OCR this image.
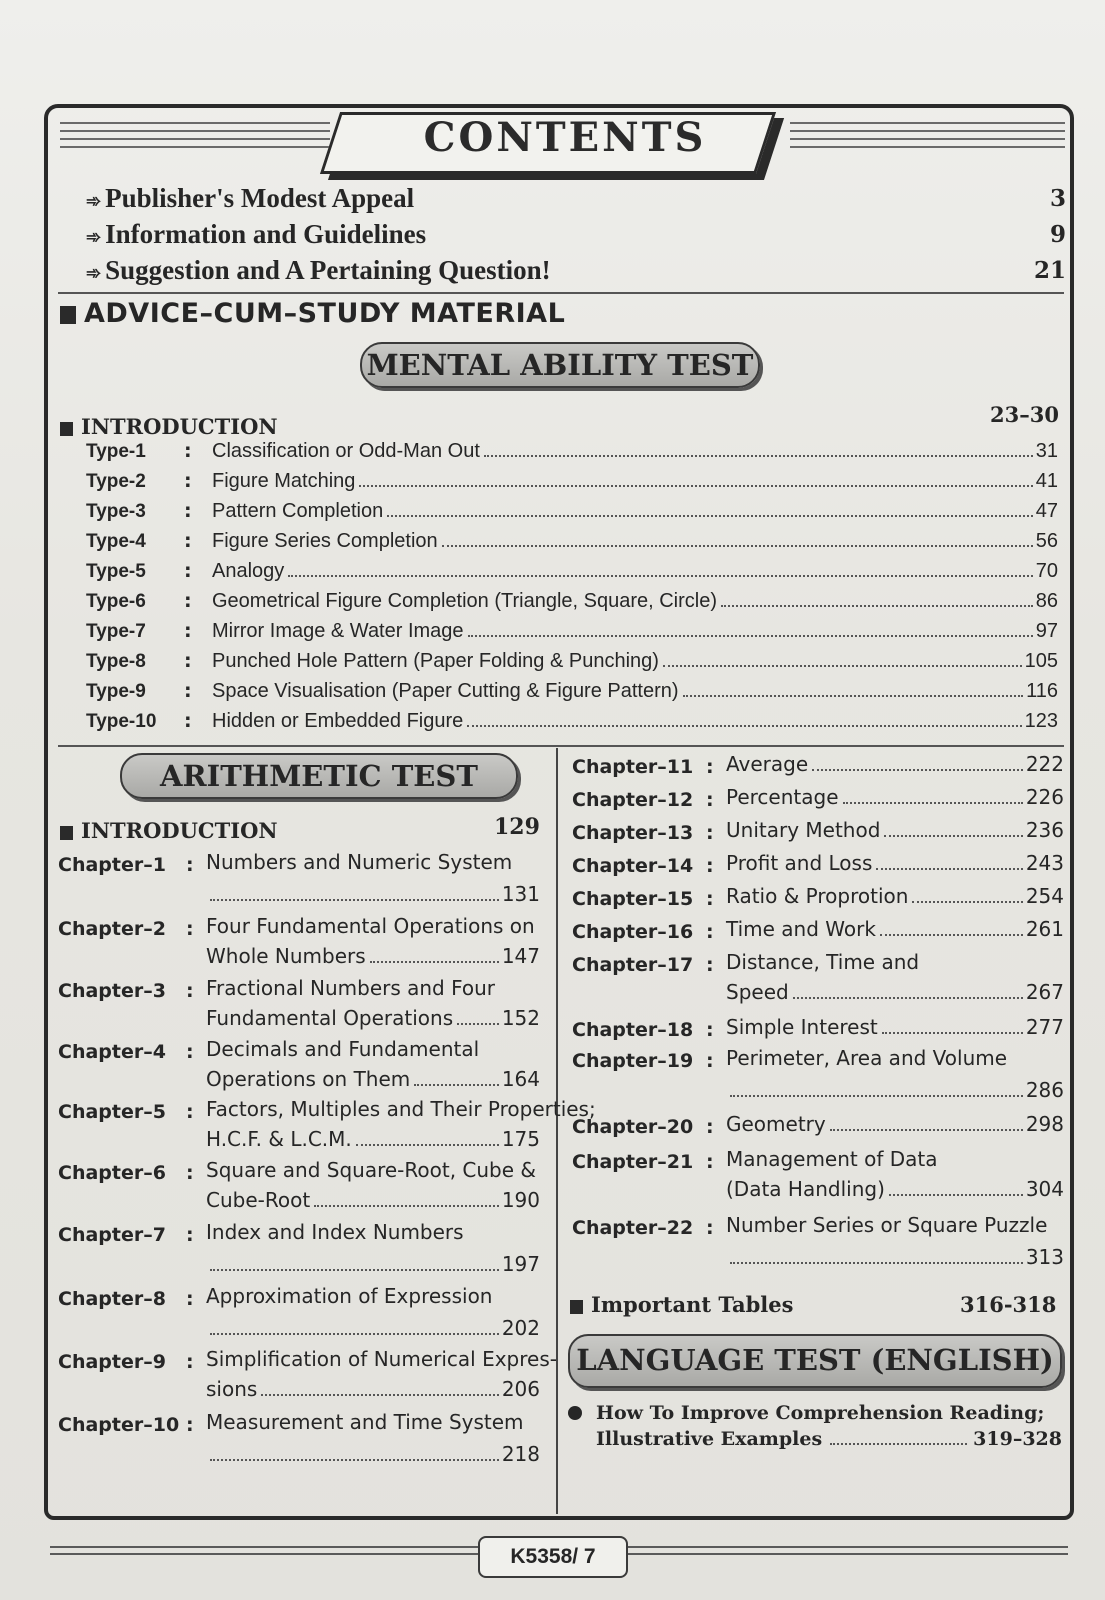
CONTENTS
➾ Publisher's Modest Appeal	3
➾ Information and Guidelines	9
➾ Suggestion and A Pertaining Question!	21
ADVICE–CUM–STUDY MATERIAL
MENTAL ABILITY TEST
INTRODUCTION	23–30
Type-1	:	Classification or Odd-Man Out	31
Type-2	:	Figure Matching	41
Type-3	:	Pattern Completion	47
Type-4	:	Figure Series Completion	56
Type-5	:	Analogy	70
Type-6	:	Geometrical Figure Completion (Triangle, Square, Circle)	86
Type-7	:	Mirror Image & Water Image	97
Type-8	:	Punched Hole Pattern (Paper Folding & Punching)	105
Type-9	:	Space Visualisation (Paper Cutting & Figure Pattern)	116
Type-10	:	Hidden or Embedded Figure	123
ARITHMETIC TEST
INTRODUCTION	129
Chapter–1 : Numbers and Numeric System
131
Chapter–2 : Four Fundamental Operations on
Whole Numbers	147
Chapter–3 : Fractional Numbers and Four
Fundamental Operations 152
Chapter–4 : Decimals and Fundamental
Operations on Them	164
Chapter–5 : Factors, Multiples and Their Properties;
H.C.F. & L.C.M.	175
Chapter–6 : Square and Square-Root, Cube &
Cube-Root	190
Chapter–7 : Index and Index Numbers
197
Chapter–8 : Approximation of Expression
202
Chapter–9 : Simplification of Numerical Expres-
sions	206
Chapter–10 : Measurement and Time System
218
Chapter–11 : Average	222
Chapter–12 : Percentage	226
Chapter–13 : Unitary Method	236
Chapter–14 : Profit and Loss	243
Chapter–15 : Ratio & Proprotion	254
Chapter–16 : Time and Work	261
Chapter–17 : Distance, Time and
Speed	267
Chapter–18 : Simple Interest	277
Chapter–19 : Perimeter, Area and Volume
286
Chapter–20 : Geometry	298
Chapter–21 : Management of Data
(Data Handling)	304
Chapter–22 : Number Series or Square Puzzle
313
Important Tables	316-318
LANGUAGE TEST (ENGLISH)
How To Improve Comprehension Reading;
Illustrative Examples	319–328
K5358/ 7
